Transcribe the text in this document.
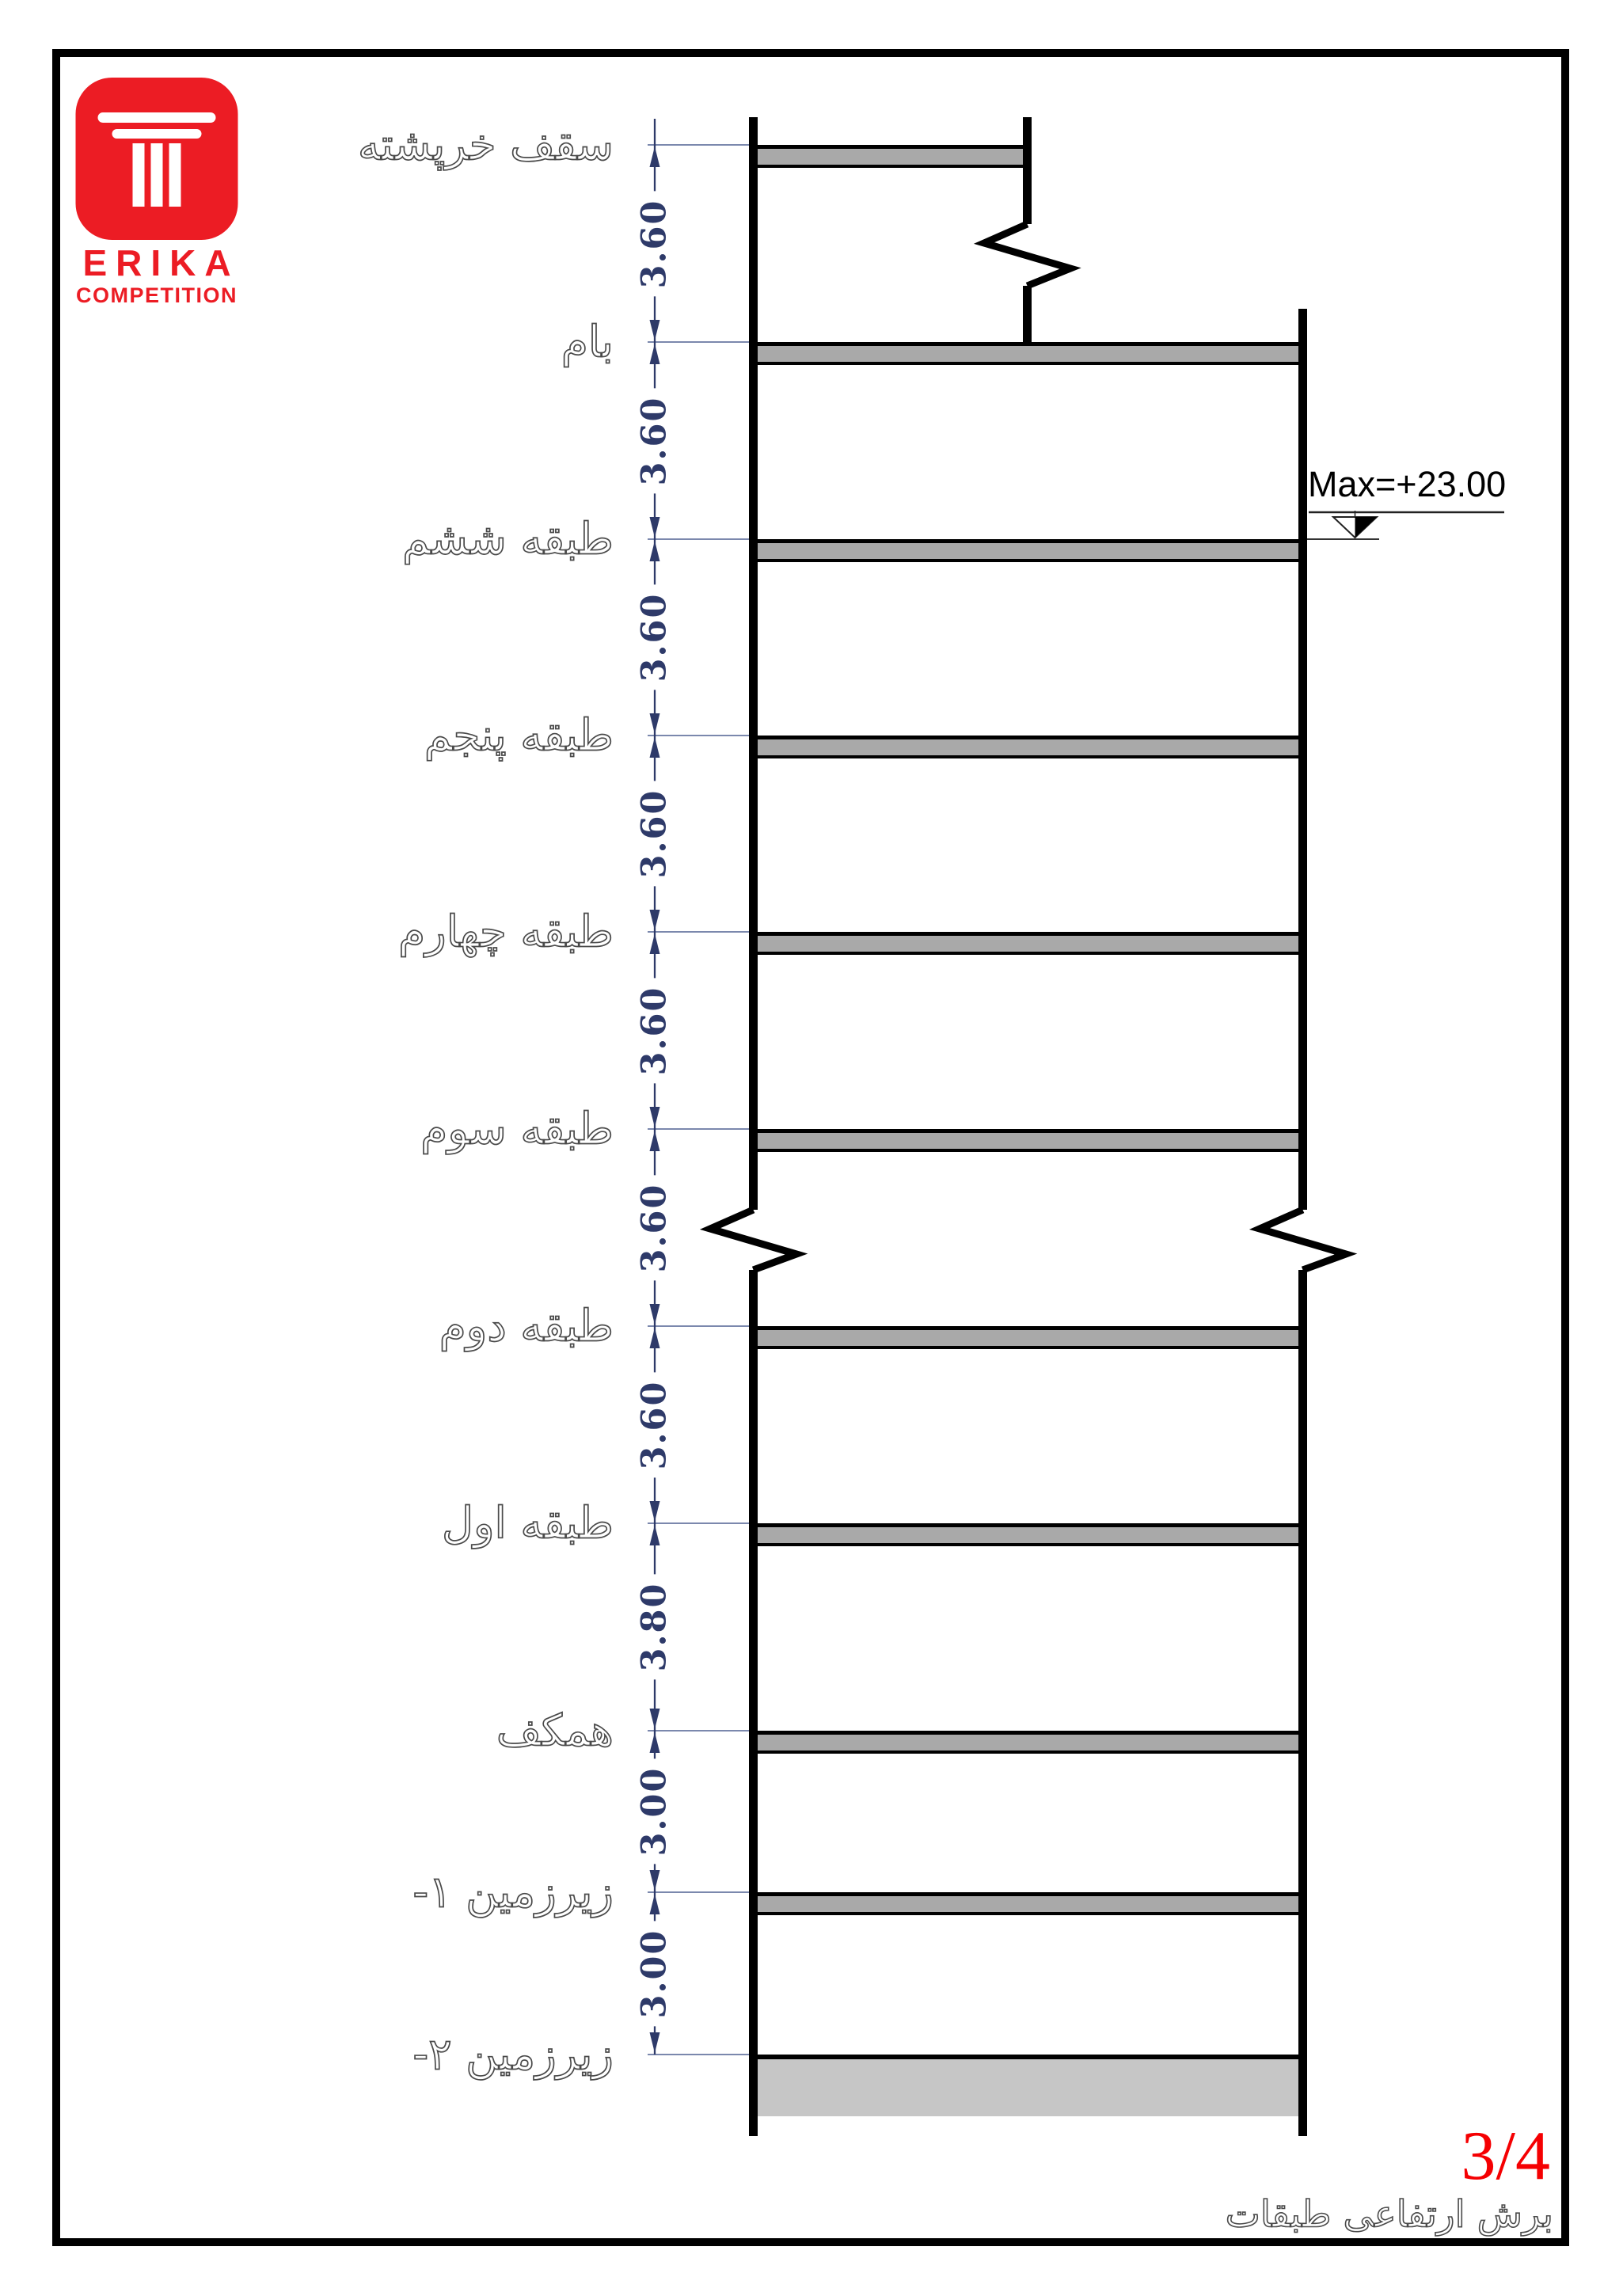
ERIKA
COMPETITION
سقف خرپشته
بام
طبقه ششم
طبقه پنجم
طبقه چهارم
طبقه سوم
طبقه دوم
طبقه اول
همکف
زیرزمین ۱-
زیرزمین ۲-
3.60
3.60
3.60
3.60
3.60
3.60
3.60
3.80
3.00
3.00
Max=+23.00
3/4
برش ارتفاعی طبقات
